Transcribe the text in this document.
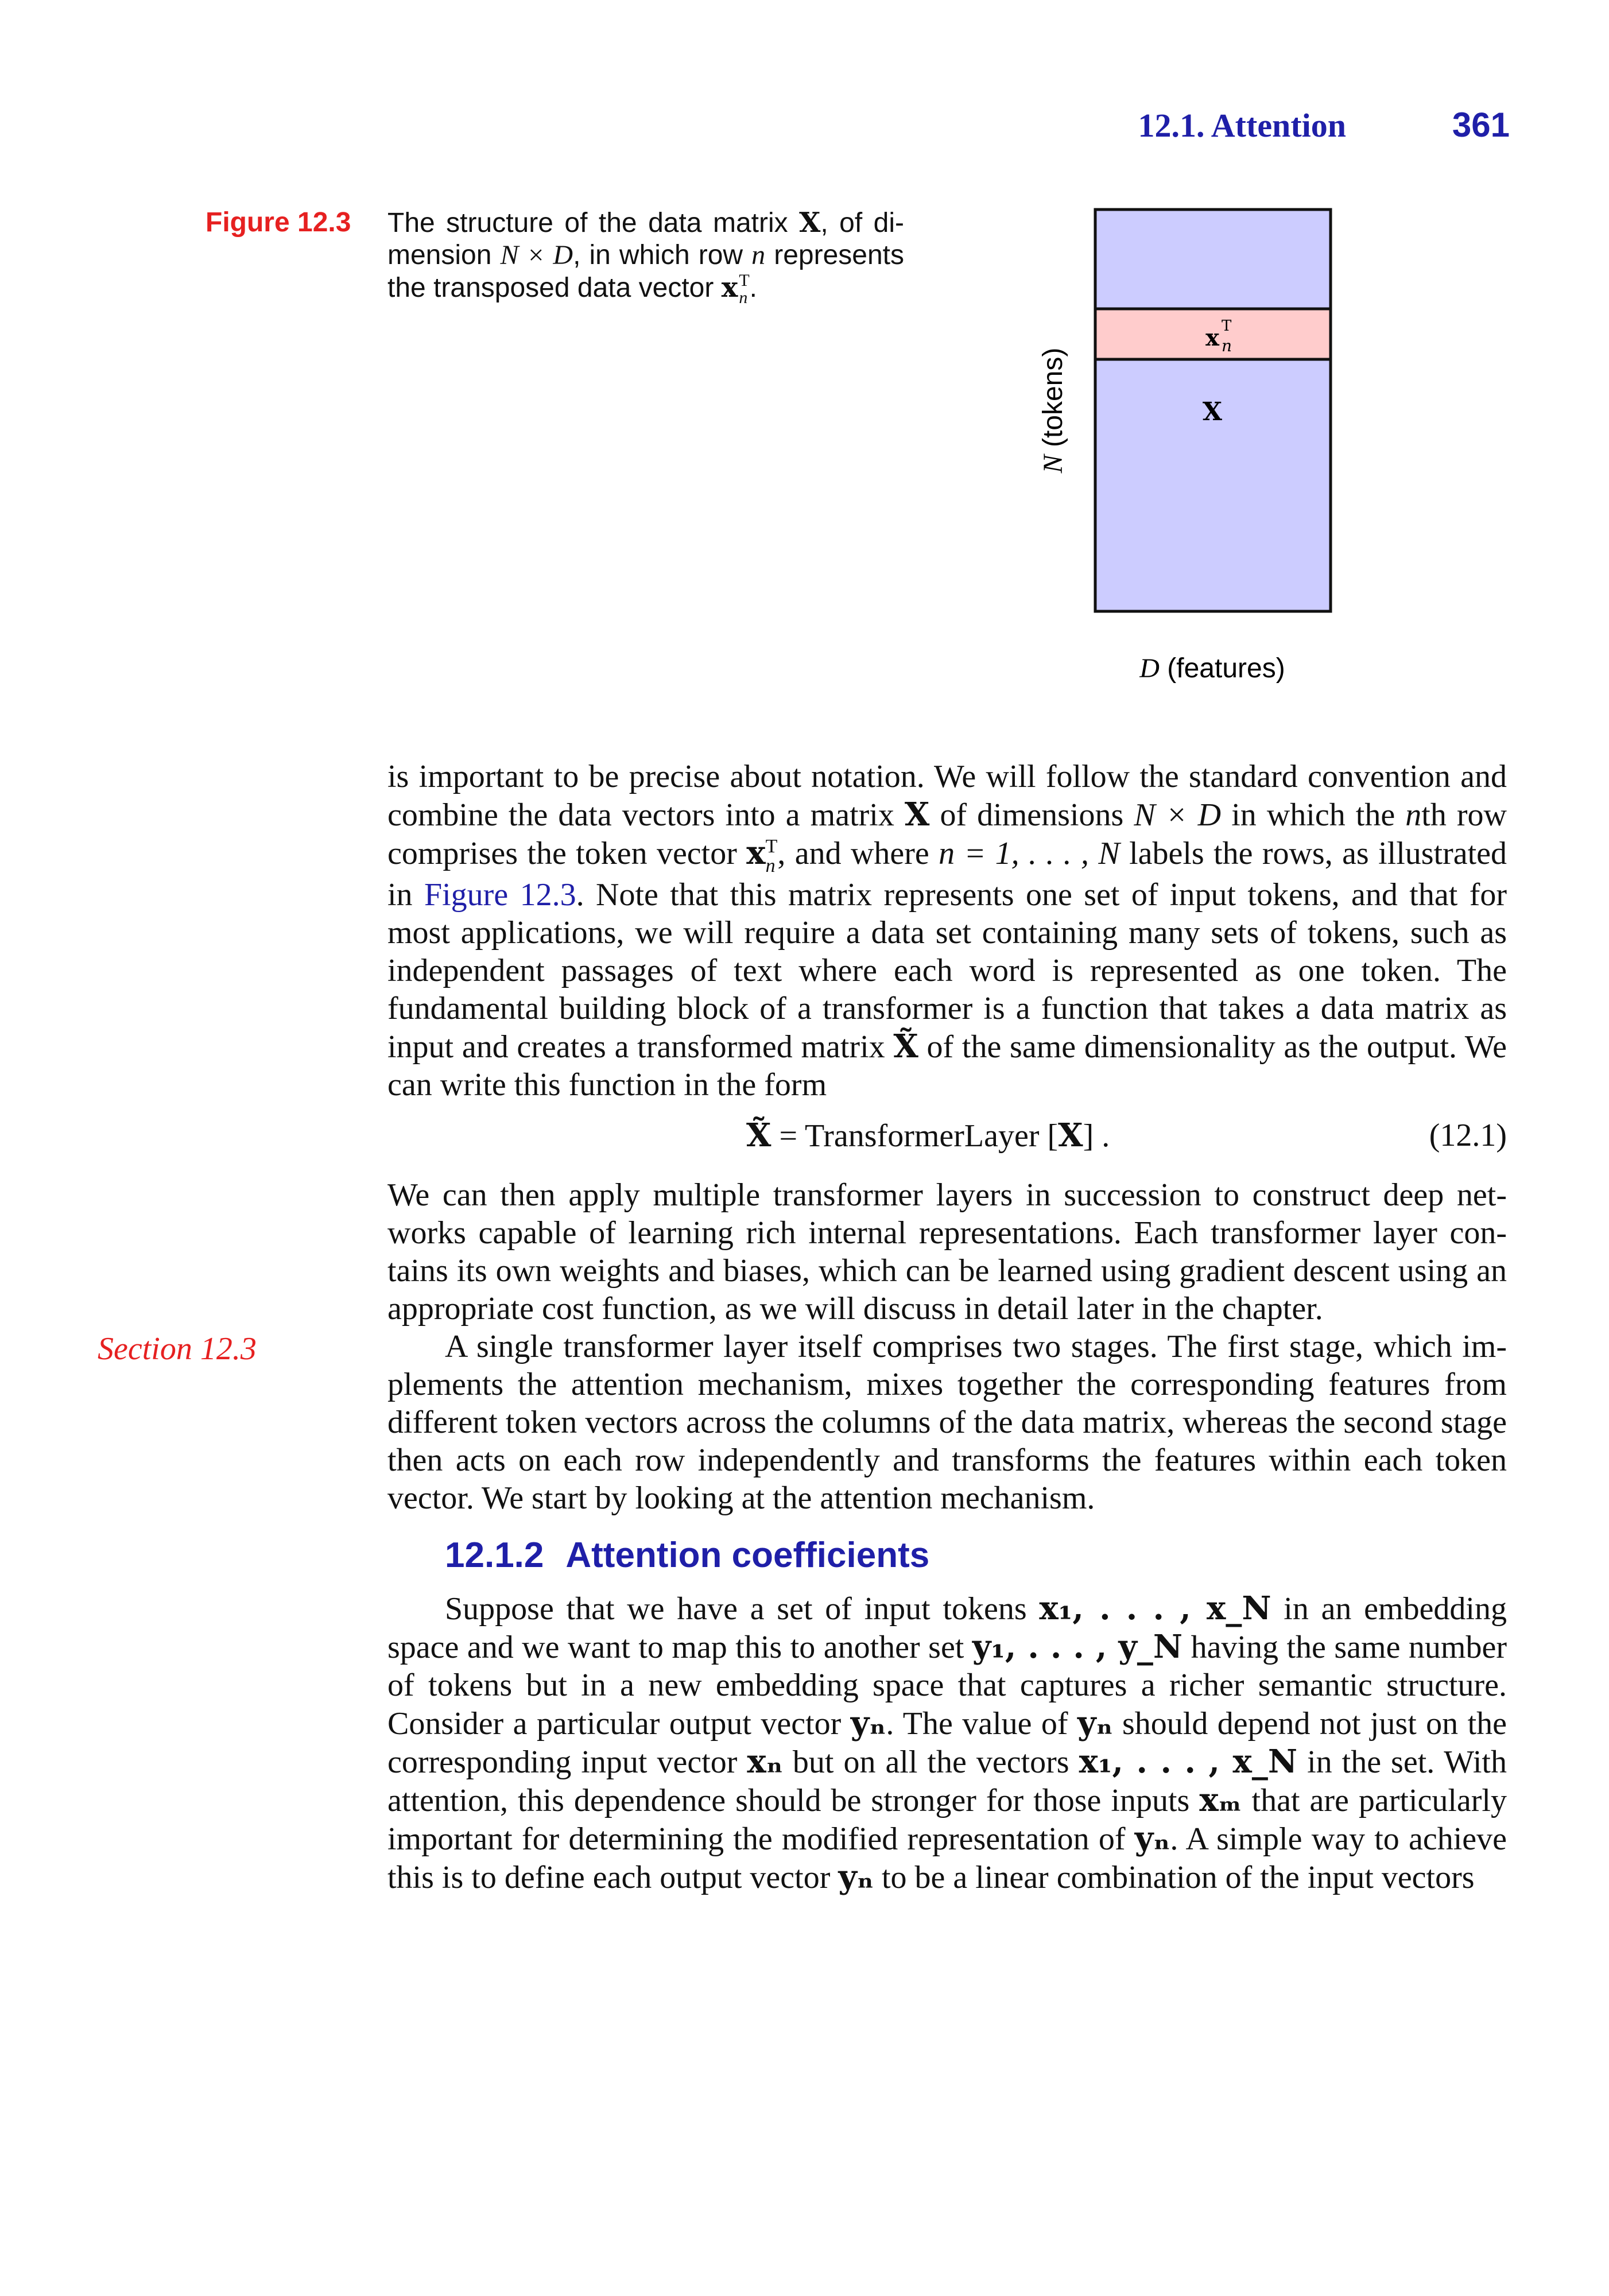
12.1. Attention	361
Figure 12.3 The structure of the data matrix X, of dimension N × D, in which row n represents the transposed data vector x T
n .
x T
n
X
N (tokens)
D (features)
Section 12.3

is important to be precise about notation. We will follow the standard convention and combine the data vectors into a matrix X of dimensions N × D in which the nth row comprises the token vector x T
n , and where n = 1, . . . , N labels the rows, as illustrated in Figure 12.3. Note that this matrix represents one set of input tokens, and that for most applications, we will require a data set containing many sets of tokens, such as independent passages of text where each word is represented as one token. The fundamental building block of a transformer is a function that takes a data matrix as input and creates a transformed matrix X̃ of the same dimensionality as the output. We can write this function in the form

X̃ = TransformerLayer [X] .	(12.1)

We can then apply multiple transformer layers in succession to construct deep networks capable of learning rich internal representations. Each transformer layer contains its own weights and biases, which can be learned using gradient descent using an appropriate cost function, as we will discuss in detail later in the chapter.

A single transformer layer itself comprises two stages. The first stage, which implements the attention mechanism, mixes together the corresponding features from different token vectors across the columns of the data matrix, whereas the second stage then acts on each row independently and transforms the features within each token vector. We start by looking at the attention mechanism.

12.1.2 Attention coefficients

Suppose that we have a set of input tokens x₁, . . . , x_N in an embedding space and we want to map this to another set y₁, . . . , y_N having the same number of tokens but in a new embedding space that captures a richer semantic structure. Consider a particular output vector yₙ. The value of yₙ should depend not just on the corresponding input vector xₙ but on all the vectors x₁, . . . , x_N in the set. With attention, this dependence should be stronger for those inputs xₘ that are particularly important for determining the modified representation of yₙ. A simple way to achieve this is to define each output vector yₙ to be a linear combination of the input vectors
